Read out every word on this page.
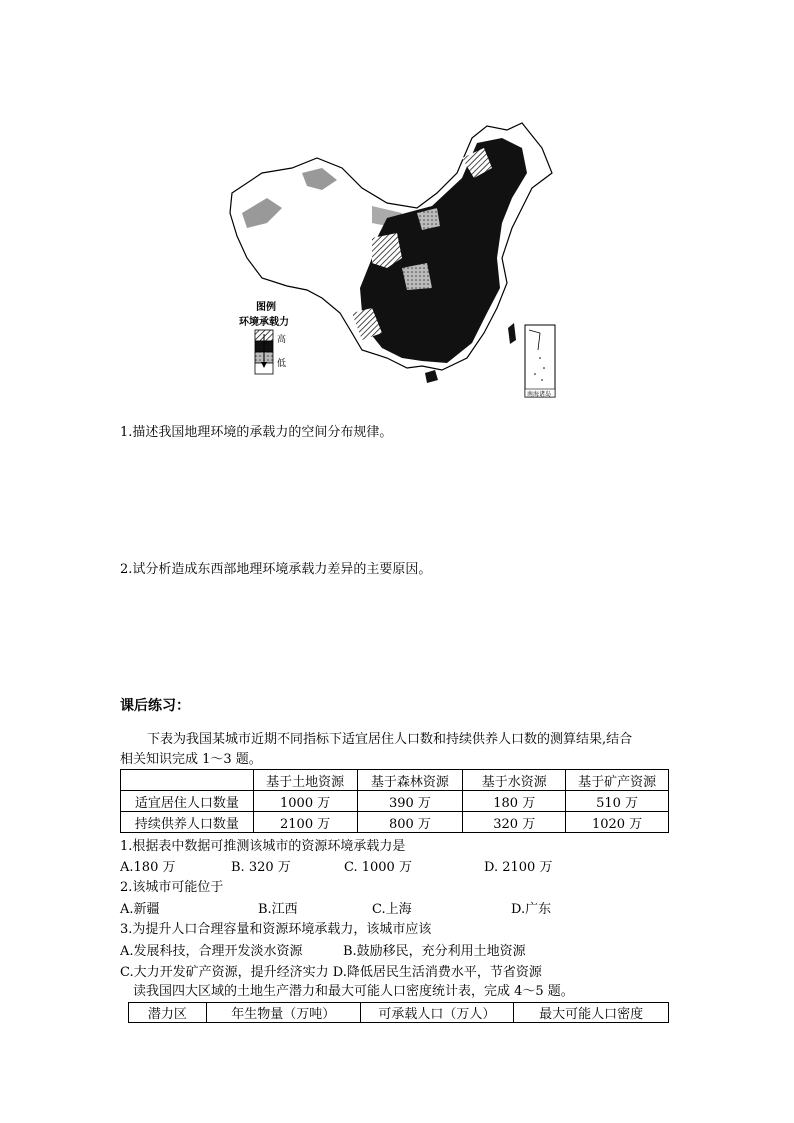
图例
环境承载力
高
低
南海诸岛
1.描述我国地理环境的承载力的空间分布规律。
2.试分析造成东西部地理环境承载力差异的主要原因。
课后练习：
下表为我国某城市近期不同指标下适宜居住人口数和持续供养人口数的测算结果,结合
相关知识完成 1～3 题。
	基于土地资源	基于森林资源	基于水资源	基于矿产资源
适宜居住人口数量	1000 万	390 万	180 万	510 万
持续供养人口数量	2100 万	800 万	320 万	1020 万
1.根据表中数据可推测该城市的资源环境承载力是
A.180 万	B. 320 万	C. 1000 万	D. 2100 万
2.该城市可能位于
A.新疆	B.江西	C.上海	D.广东
3.为提升人口合理容量和资源环境承载力，该城市应该
A.发展科技，合理开发淡水资源	B.鼓励移民，充分利用土地资源
C.大力开发矿产资源，提升经济实力 D.降低居民生活消费水平，节省资源
读我国四大区域的土地生产潜力和最大可能人口密度统计表，完成 4～5 题。
潜力区	年生物量（万吨）	可承载人口（万人）	最大可能人口密度
